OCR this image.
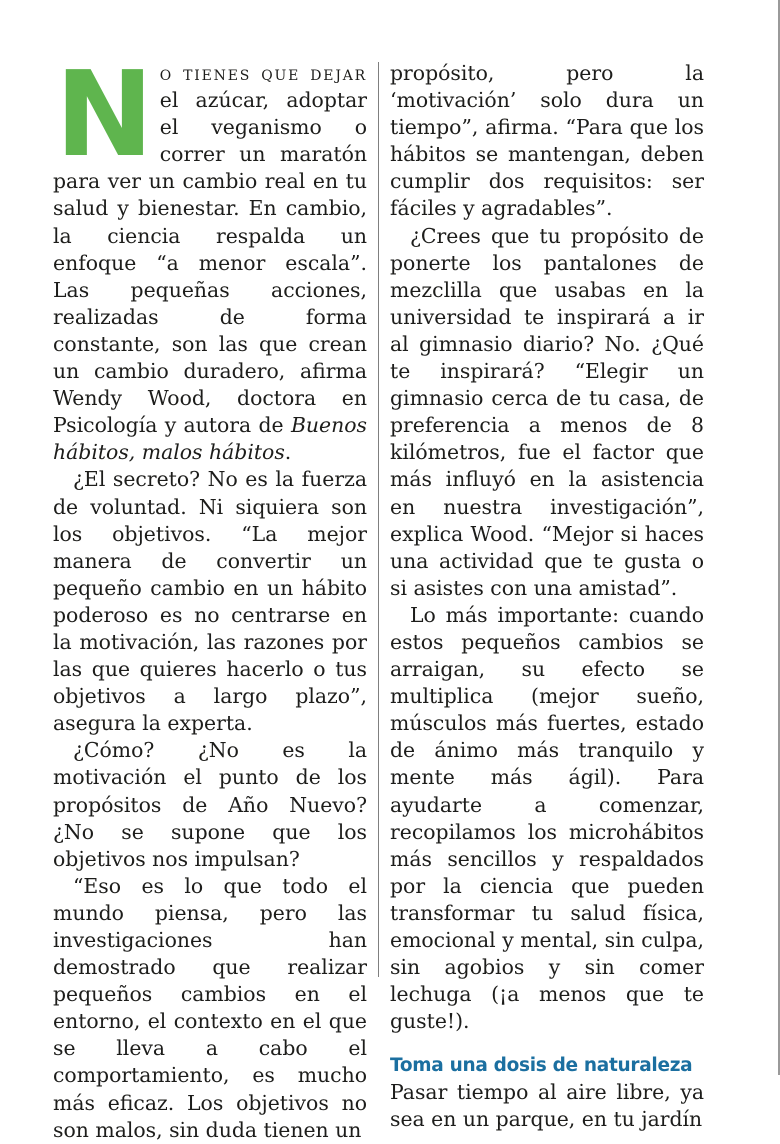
No tienes que dejar el azúcar, adoptar el veganismo o correr un maratón para ver un cambio real en tu salud y bienestar. En cambio, la ciencia respalda un enfoque “a menor escala”. Las pequeñas acciones, realizadas de forma constante, son las que crean un cambio duradero, afirma Wendy Wood, doctora en Psicología y autora de Buenos hábitos, malos hábitos.

¿El secreto? No es la fuerza de voluntad. Ni siquiera son los objetivos. “La mejor manera de convertir un pequeño cambio en un hábito poderoso es no centrarse en la motivación, las razones por las que quieres hacerlo o tus objetivos a largo plazo”, asegura la experta.

¿Cómo? ¿No es la motivación el punto de los propósitos de Año Nuevo? ¿No se supone que los objetivos nos impulsan?

“Eso es lo que todo el mundo piensa, pero las investigaciones han demostrado que realizar pequeños cambios en el entorno, el contexto en el que se lleva a cabo el comportamiento, es mucho más eficaz. Los objetivos no son malos, sin duda tienen un

propósito, pero la ‘motivación’ solo dura un tiempo”, afirma. “Para que los hábitos se mantengan, deben cumplir dos requisitos: ser fáciles y agradables”.

¿Crees que tu propósito de ponerte los pantalones de mezclilla que usabas en la universidad te inspirará a ir al gimnasio diario? No. ¿Qué te inspirará? “Elegir un gimnasio cerca de tu casa, de preferencia a menos de 8 kilómetros, fue el factor que más influyó en la asistencia en nuestra investigación”, explica Wood. “Mejor si haces una actividad que te gusta o si asistes con una amistad”.

Lo más importante: cuando estos pequeños cambios se arraigan, su efecto se multiplica (mejor sueño, músculos más fuertes, estado de ánimo más tranquilo y mente más ágil). Para ayudarte a comenzar, recopilamos los microhábitos más sencillos y respaldados por la ciencia que pueden transformar tu salud física, emocional y mental, sin culpa, sin agobios y sin comer lechuga (¡a menos que te guste!).

Toma una dosis de naturaleza

Pasar tiempo al aire libre, ya sea en un parque, en tu jardín
